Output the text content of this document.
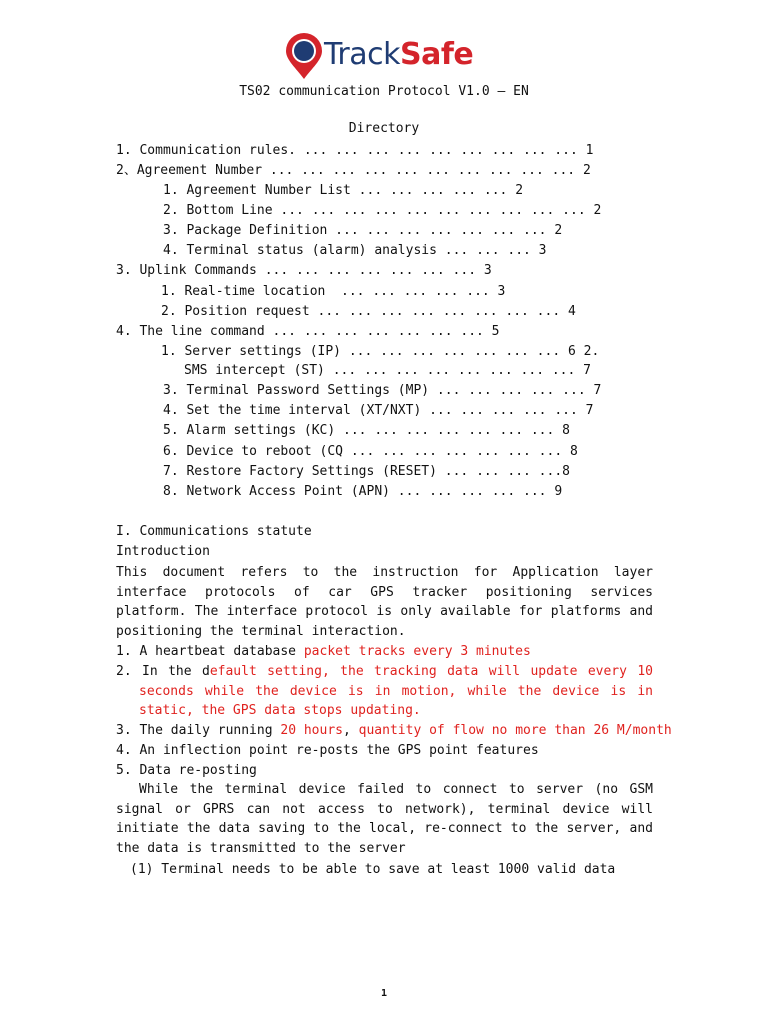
TrackSafe
TS02 communication Protocol V1.0 – EN
Directory
1. Communication rules. ... ... ... ... ... ... ... ... ... 1
2、Agreement Number ... ... ... ... ... ... ... ... ... ... 2
1. Agreement Number List ... ... ... ... ... 2
2. Bottom Line ... ... ... ... ... ... ... ... ... ... 2
3. Package Definition ... ... ... ... ... ... ... 2
4. Terminal status (alarm) analysis ... ... ... 3
3. Uplink Commands ... ... ... ... ... ... ... 3
1. Real-time location  ... ... ... ... ... 3
2. Position request ... ... ... ... ... ... ... ... 4
4. The line command ... ... ... ... ... ... ... 5
1. Server settings (IP) ... ... ... ... ... ... ... 6 2.
SMS intercept (ST) ... ... ... ... ... ... ... ... 7
3. Terminal Password Settings (MP) ... ... ... ... ... 7
4. Set the time interval (XT/NXT) ... ... ... ... ... 7
5. Alarm settings (KC) ... ... ... ... ... ... ... 8
6. Device to reboot (CQ ... ... ... ... ... ... ... 8
7. Restore Factory Settings (RESET) ... ... ... ...8
8. Network Access Point (APN) ... ... ... ... ... 9
I. Communications statute
Introduction
This document refers to the instruction for Application layer interface protocols of car GPS tracker positioning services platform. The interface protocol is only available for platforms and positioning the terminal interaction.
1. A heartbeat database packet tracks every 3 minutes
2. In the default setting, the tracking data will update every 10 seconds while the device is in motion, while the device is in static, the GPS data stops updating.
3. The daily running 20 hours, quantity of flow no more than 26 M/month
4. An inflection point re-posts the GPS point features
5. Data re-posting
While the terminal device failed to connect to server (no GSM signal or GPRS can not access to network), terminal device will initiate the data saving to the local, re-connect to the server, and the data is transmitted to the server
(1) Terminal needs to be able to save at least 1000 valid data
1
